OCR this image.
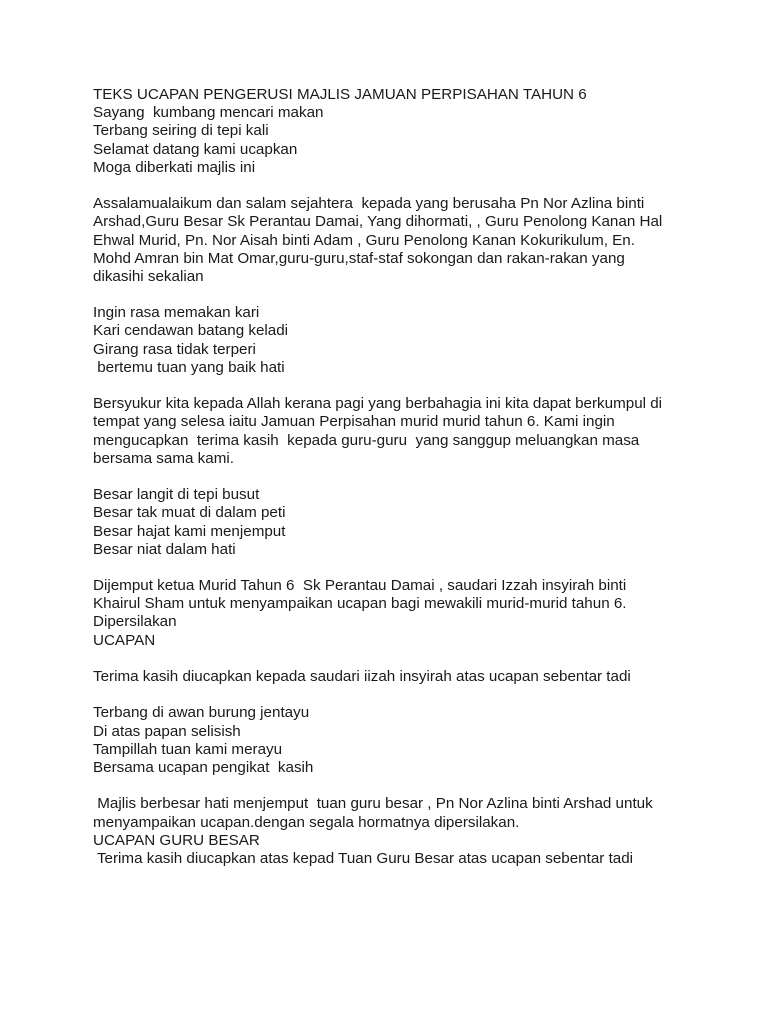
TEKS UCAPAN PENGERUSI MAJLIS JAMUAN PERPISAHAN TAHUN 6
Sayang  kumbang mencari makan
Terbang seiring di tepi kali
Selamat datang kami ucapkan
Moga diberkati majlis ini
Assalamualaikum dan salam sejahtera  kepada yang berusaha Pn Nor Azlina binti
Arshad,Guru Besar Sk Perantau Damai, Yang dihormati, , Guru Penolong Kanan Hal
Ehwal Murid, Pn. Nor Aisah binti Adam , Guru Penolong Kanan Kokurikulum, En.
Mohd Amran bin Mat Omar,guru-guru,staf-staf sokongan dan rakan-rakan yang
dikasihi sekalian
Ingin rasa memakan kari
Kari cendawan batang keladi
Girang rasa tidak terperi
bertemu tuan yang baik hati
Bersyukur kita kepada Allah kerana pagi yang berbahagia ini kita dapat berkumpul di
tempat yang selesa iaitu Jamuan Perpisahan murid murid tahun 6. Kami ingin
mengucapkan  terima kasih  kepada guru-guru  yang sanggup meluangkan masa
bersama sama kami.
Besar langit di tepi busut
Besar tak muat di dalam peti
Besar hajat kami menjemput
Besar niat dalam hati
Dijemput ketua Murid Tahun 6  Sk Perantau Damai , saudari Izzah insyirah binti
Khairul Sham untuk menyampaikan ucapan bagi mewakili murid-murid tahun 6.
Dipersilakan
UCAPAN
Terima kasih diucapkan kepada saudari iizah insyirah atas ucapan sebentar tadi
Terbang di awan burung jentayu
Di atas papan selisish
Tampillah tuan kami merayu
Bersama ucapan pengikat  kasih
Majlis berbesar hati menjemput  tuan guru besar , Pn Nor Azlina binti Arshad untuk
menyampaikan ucapan.dengan segala hormatnya dipersilakan.
UCAPAN GURU BESAR
Terima kasih diucapkan atas kepad Tuan Guru Besar atas ucapan sebentar tadi
